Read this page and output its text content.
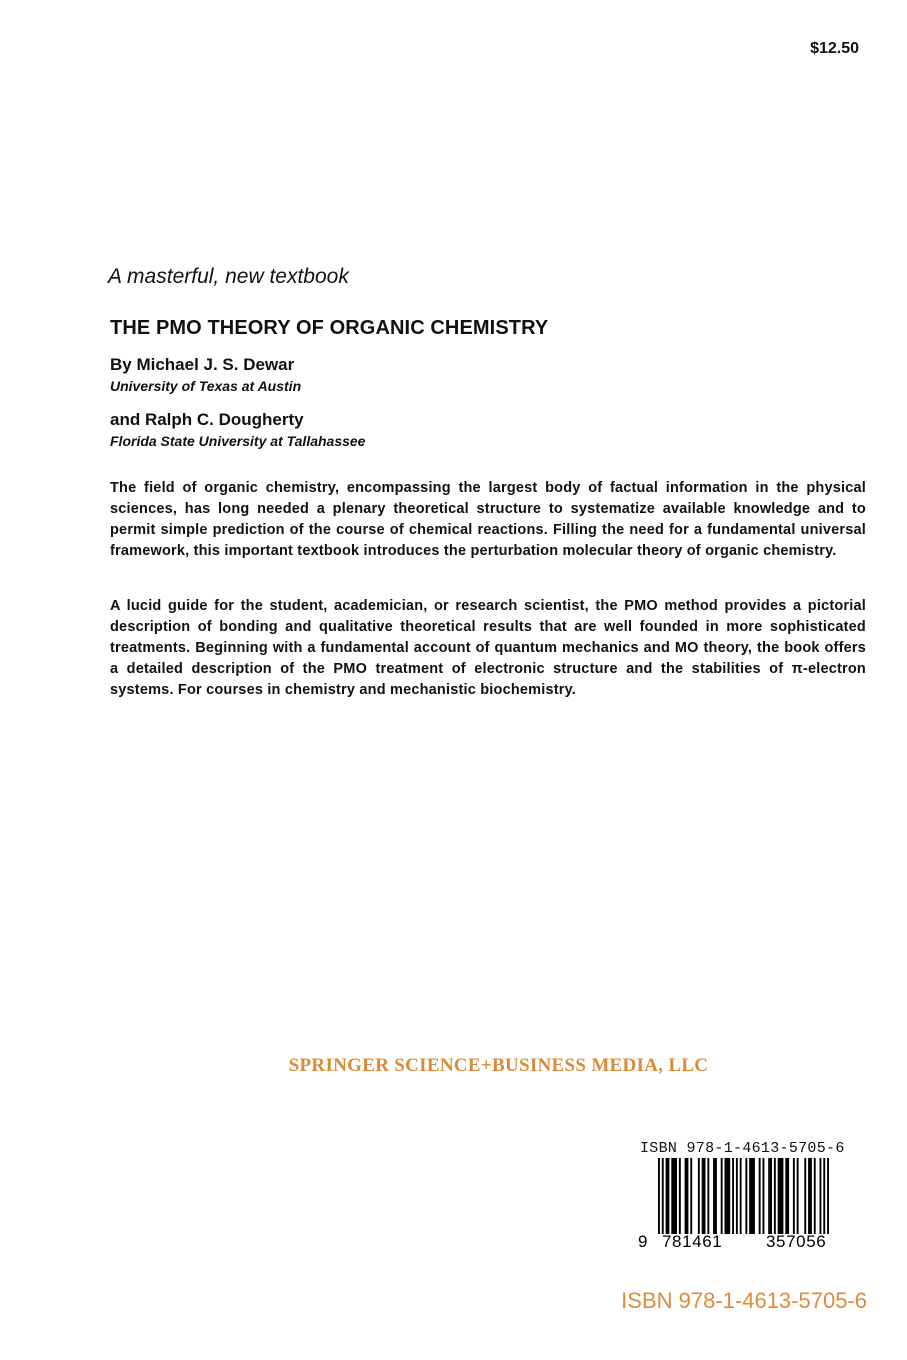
$12.50
A masterful, new textbook
THE PMO THEORY OF ORGANIC CHEMISTRY
By Michael J. S. Dewar
University of Texas at Austin
and Ralph C. Dougherty
Florida State University at Tallahassee

The field of organic chemistry, encompassing the largest body of factual information in the physical sciences, has long needed a plenary theoretical structure to systematize available knowledge and to permit simple prediction of the course of chemical reactions. Filling the need for a fundamental universal framework, this important textbook introduces the perturbation molecular theory of organic chemistry.

A lucid guide for the student, academician, or research scientist, the PMO method provides a pictorial description of bonding and qualitative theoretical results that are well founded in more sophisticated treatments. Beginning with a fundamental account of quantum mechanics and MO theory, the book offers a detailed description of the PMO treatment of electronic structure and the stabilities of π-electron systems. For courses in chemistry and mechanistic biochemistry.

SPRINGER SCIENCE+BUSINESS MEDIA, LLC
ISBN 978-1-4613-5705-6
9 781461	357056
ISBN 978-1-4613-5705-6
